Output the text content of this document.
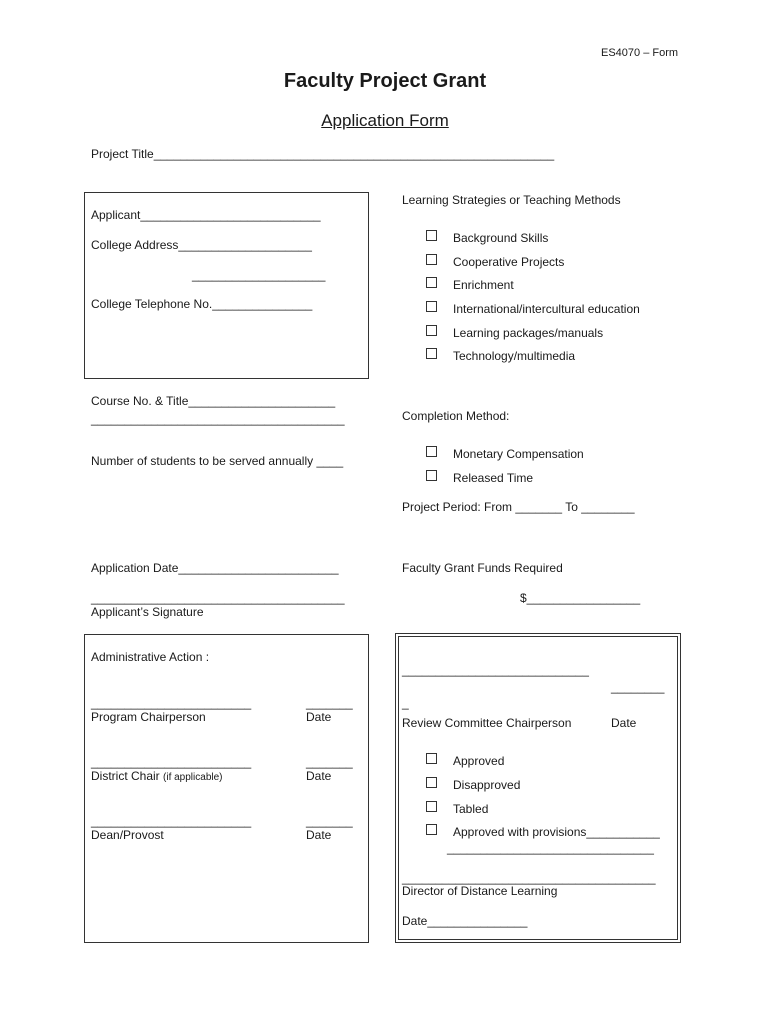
ES4070 – Form
Faculty Project Grant
Application Form
Project Title____________________________________________________________
Applicant___________________________
College Address____________________
____________________
College Telephone No._______________
Learning Strategies or Teaching Methods
Background Skills
Cooperative Projects
Enrichment
International/intercultural education
Learning packages/manuals
Technology/multimedia
Course No. & Title______________________
______________________________________	Completion Method:
Monetary Compensation
Released Time
Number of students to be served annually ____
Project Period: From _______ To ________
Application Date________________________	Faculty Grant Funds Required
$_________________
______________________________________
Applicant’s Signature
Administrative Action :
________________________	_______
Program Chairperson	Date
________________________	_______
District Chair (if applicable)	Date
________________________	_______
Dean/Provost	Date
____________________________
________
_
Review Committee Chairperson	Date
Approved
Disapproved
Tabled
Approved with provisions___________
_______________________________
______________________________________
Director of Distance Learning
Date_______________
